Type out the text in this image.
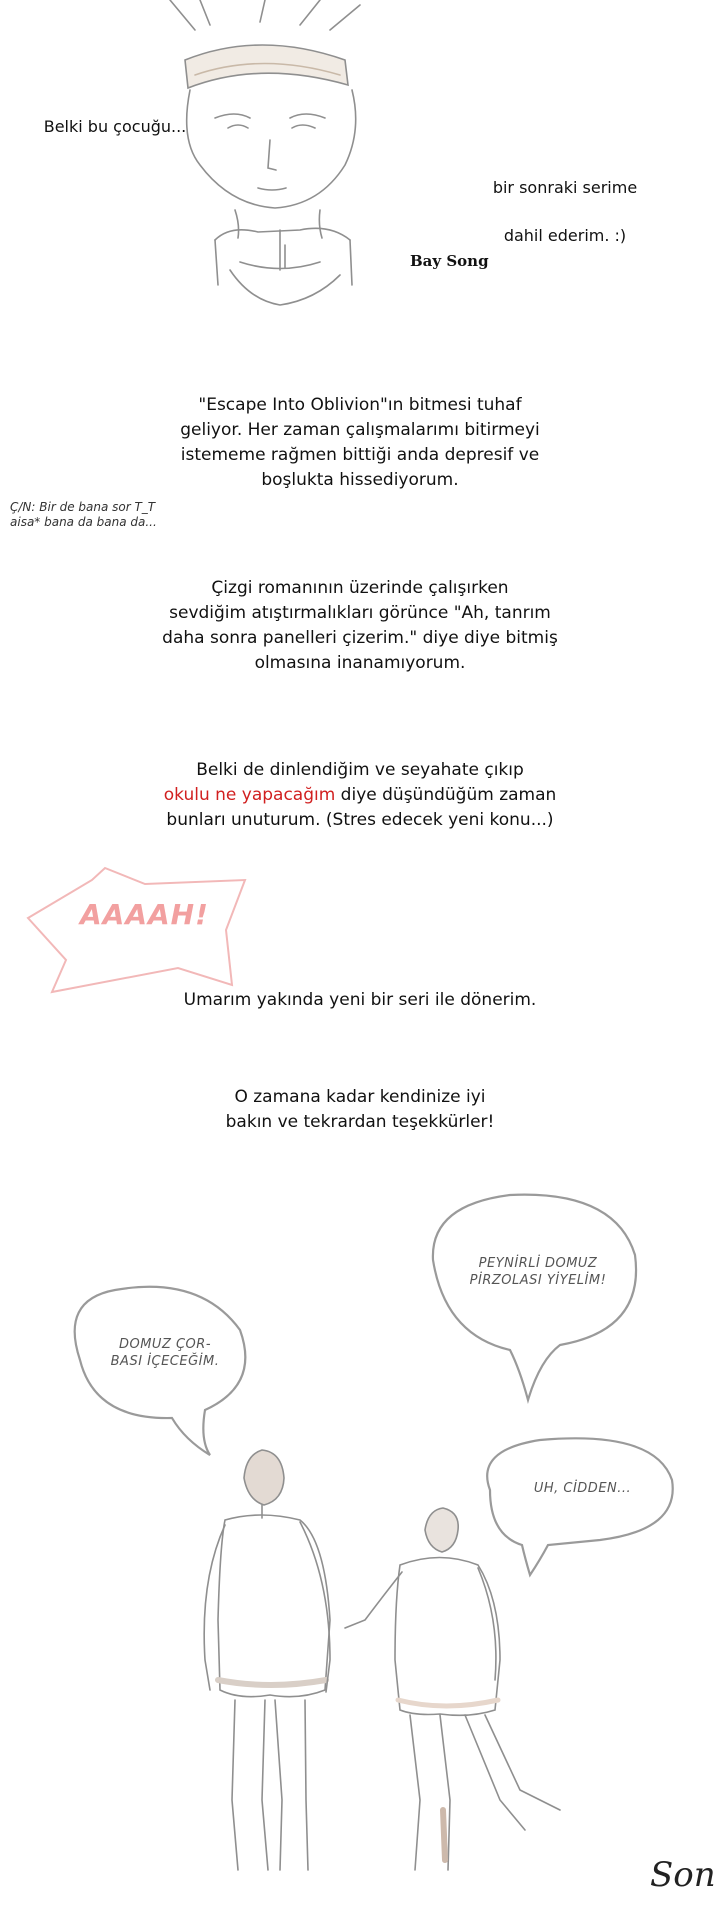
Belki bu çocuğu...

bir sonraki serime

dahil ederim. :)

Bay Song
"Escape Into Oblivion"ın bitmesi tuhaf
geliyor. Her zaman çalışmalarımı bitirmeyi
istememe rağmen bittiği anda depresif ve
boşlukta hissediyorum.
Ç/N: Bir de bana sor T_T
aisa* bana da bana da...
Çizgi romanının üzerinde çalışırken
sevdiğim atıştırmalıkları görünce "Ah, tanrım
daha sonra panelleri çizerim." diye diye bitmiş
olmasına inanamıyorum.
Belki de dinlendiğim ve seyahate çıkıp
okulu ne yapacağım diye düşündüğüm zaman
bunları unuturum. (Stres edecek yeni konu...)
AAAAH!
Umarım yakında yeni bir seri ile dönerim.
O zamana kadar kendinize iyi
bakın ve tekrardan teşekkürler!
DOMUZ ÇOR-
BASI İÇECEĞİM.
PEYNİRLİ DOMUZ
PİRZOLASI YİYELİM!
UH, CİDDEN...
Son
